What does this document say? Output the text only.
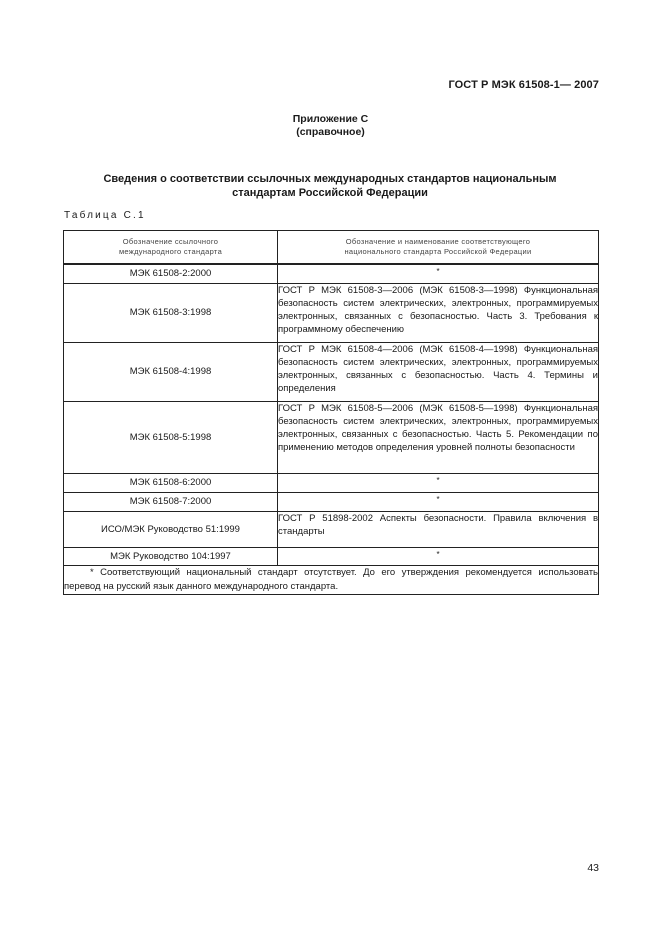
ГОСТ Р МЭК 61508-1— 2007
Приложение С
(справочное)
Сведения о соответствии ссылочных международных стандартов национальным стандартам Российской Федерации
Таблица С.1
Обозначение ссылочного международного стандарта	Обозначение и наименование соответствующего национального стандарта Российской Федерации

МЭК 61508-2:2000	*
МЭК 61508-3:1998	ГОСТ Р МЭК 61508-3—2006 (МЭК 61508-3—1998) Функциональная безопасность систем электрических, электронных, программируемых электронных, связанных с безопасностью. Часть 3. Требования к программному обеспечению
МЭК 61508-4:1998	ГОСТ Р МЭК 61508-4—2006 (МЭК 61508-4—1998) Функциональная безопасность систем электрических, электронных, программируемых электронных, связанных с безопасностью. Часть 4. Термины и определения
МЭК 61508-5:1998	ГОСТ Р МЭК 61508-5—2006 (МЭК 61508-5—1998) Функциональная безопасность систем электрических, электронных, программируемых электронных, связанных с безопасностью. Часть 5. Рекомендации по применению методов определения уровней полноты безопасности
МЭК 61508-6:2000	*
МЭК 61508-7:2000	*
ИСО/МЭК Руководство 51:1999	ГОСТ Р 51898-2002 Аспекты безопасности. Правила включения в стандарты
МЭК Руководство 104:1997	*
* Соответствующий национальный стандарт отсутствует. До его утверждения рекомендуется использовать перевод на русский язык данного международного стандарта.	
43
